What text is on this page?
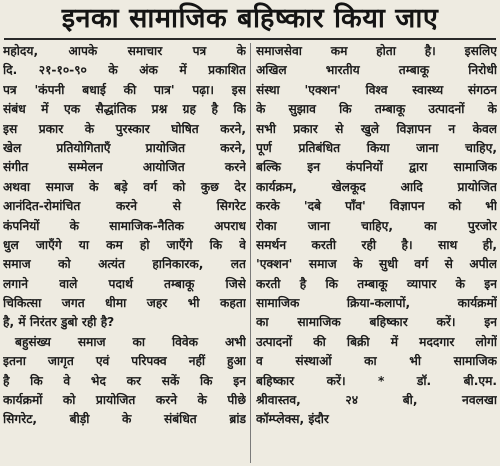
इनका सामाजिक बहिष्कार किया जाए
महोदय, आपके समाचार पत्र के
दि. २१-१०-९० के अंक में प्रकाशित
पत्र 'कंपनी बधाई की पात्र' पढ़ा। इस
संबंध में एक सैद्धांतिक प्रश्न ग्रह है कि
इस प्रकार के पुरस्कार घोषित करने,
खेल प्रतियोगिताएँ प्रायोजित करने,
संगीत सम्मेलन आयोजित करने
अथवा समाज के बड़े वर्ग को कुछ देर
आनंदित-रोमांचित करने से सिगरेट
कंपनियों के सामाजिक-नैतिक अपराध
धुल जाएँगे या कम हो जाएँगे कि वे
समाज को अत्यंत हानिकारक, लत
लगाने वाले पदार्थ तम्बाकू जिसे
चिकित्सा जगत धीमा जहर भी कहता
है, में निरंतर डुबो रही है?
बहुसंख्य समाज का विवेक अभी
इतना जागृत एवं परिपक्व नहीं हुआ
है कि वे भेद कर सकें कि इन
कार्यक्रमों को प्रायोजित करने के पीछे
सिगरेट, बीड़ी के संबंधित ब्रांड
समाजसेवा कम होता है। इसलिए
अखिल भारतीय तम्बाकू निरोधी
संस्था 'एक्शन' विश्व स्वास्थ्य संगठन
के सुझाव कि तम्बाकू उत्पादनों के
सभी प्रकार से खुले विज्ञापन न केवल
पूर्ण प्रतिबंधित किया जाना चाहिए,
बल्कि इन कंपनियों द्वारा सामाजिक
कार्यक्रम, खेलकूद आदि प्रायोजित
करके 'दबे पाँव' विज्ञापन को भी
रोका जाना चाहिए, का पुरजोर
समर्थन करती रही है। साथ ही,
'एक्शन' समाज के सुधी वर्ग से अपील
करती है कि तम्बाकू व्यापार के इन
सामाजिक क्रिया-कलापों, कार्यक्रमों
का सामाजिक बहिष्कार करें। इन
उत्पादनों की बिक्री में मददगार लोगों
व संस्थाओं का भी सामाजिक
बहिष्कार करें। * डॉ. बी.एम.
श्रीवास्तव, २४ बी, नवलखा
कॉम्प्लेक्स, इंदौर
